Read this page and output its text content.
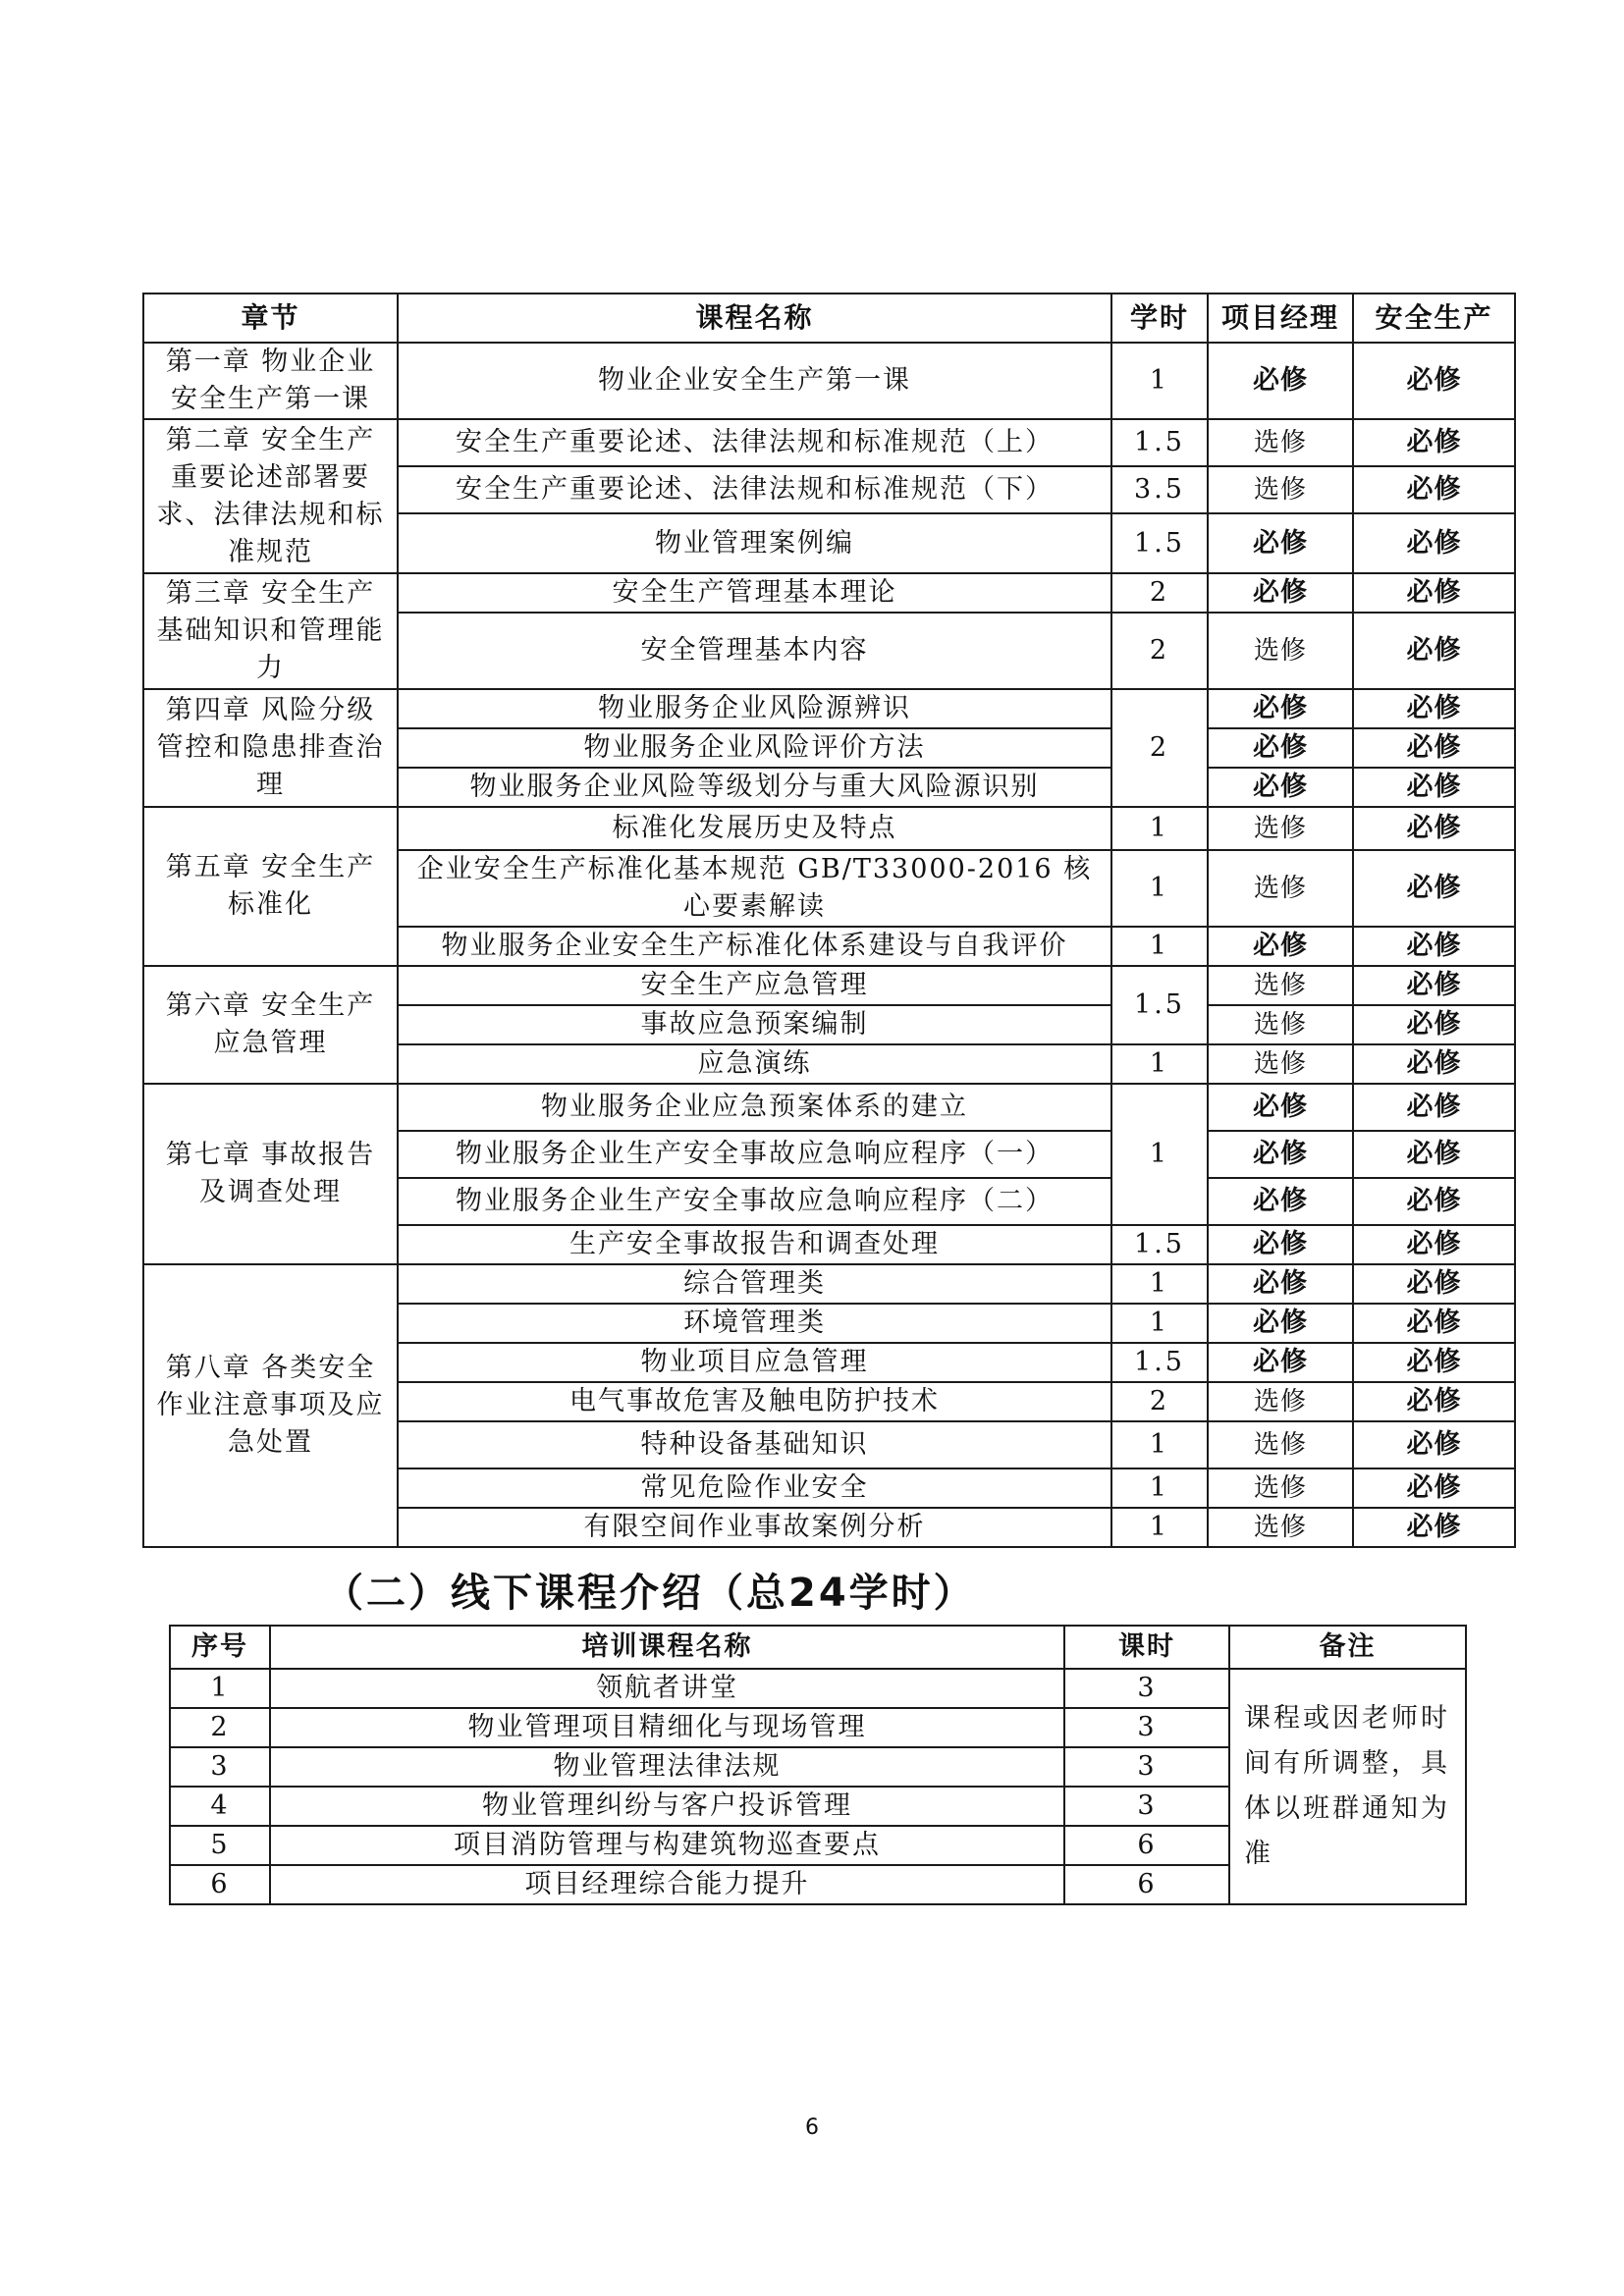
章节	课程名称	学时	项目经理	安全生产
第一章 物业企业安全生产第一课	物业企业安全生产第一课	1	必修	必修
第二章 安全生产重要论述部署要求、法律法规和标准规范	安全生产重要论述、法律法规和标准规范（上）	1.5	选修	必修
	安全生产重要论述、法律法规和标准规范（下）	3.5	选修	必修
	物业管理案例编	1.5	必修	必修
第三章 安全生产基础知识和管理能力	安全生产管理基本理论	2	必修	必修
	安全管理基本内容	2	选修	必修
第四章 风险分级管控和隐患排查治理	物业服务企业风险源辨识	2	必修	必修
	物业服务企业风险评价方法		必修	必修
	物业服务企业风险等级划分与重大风险源识别		必修	必修
第五章 安全生产标准化	标准化发展历史及特点	1	选修	必修
	企业安全生产标准化基本规范 GB/T33000-2016 核心要素解读	1	选修	必修
	物业服务企业安全生产标准化体系建设与自我评价	1	必修	必修
第六章 安全生产应急管理	安全生产应急管理	1.5	选修	必修
	事故应急预案编制		选修	必修
	应急演练	1	选修	必修
第七章 事故报告及调查处理	物业服务企业应急预案体系的建立	1	必修	必修
	物业服务企业生产安全事故应急响应程序（一）		必修	必修
	物业服务企业生产安全事故应急响应程序（二）		必修	必修
	生产安全事故报告和调查处理	1.5	必修	必修
第八章 各类安全作业注意事项及应急处置	综合管理类	1	必修	必修
	环境管理类	1	必修	必修
	物业项目应急管理	1.5	必修	必修
	电气事故危害及触电防护技术	2	选修	必修
	特种设备基础知识	1	选修	必修
	常见危险作业安全	1	选修	必修
	有限空间作业事故案例分析	1	选修	必修
（二）线下课程介绍（总24学时）
序号	培训课程名称	课时	备注
1	领航者讲堂	3	课程或因老师时间有所调整，具体以班群通知为准
2	物业管理项目精细化与现场管理	3	
3	物业管理法律法规	3	
4	物业管理纠纷与客户投诉管理	3	
5	项目消防管理与构建筑物巡查要点	6	
6	项目经理综合能力提升	6	
6
